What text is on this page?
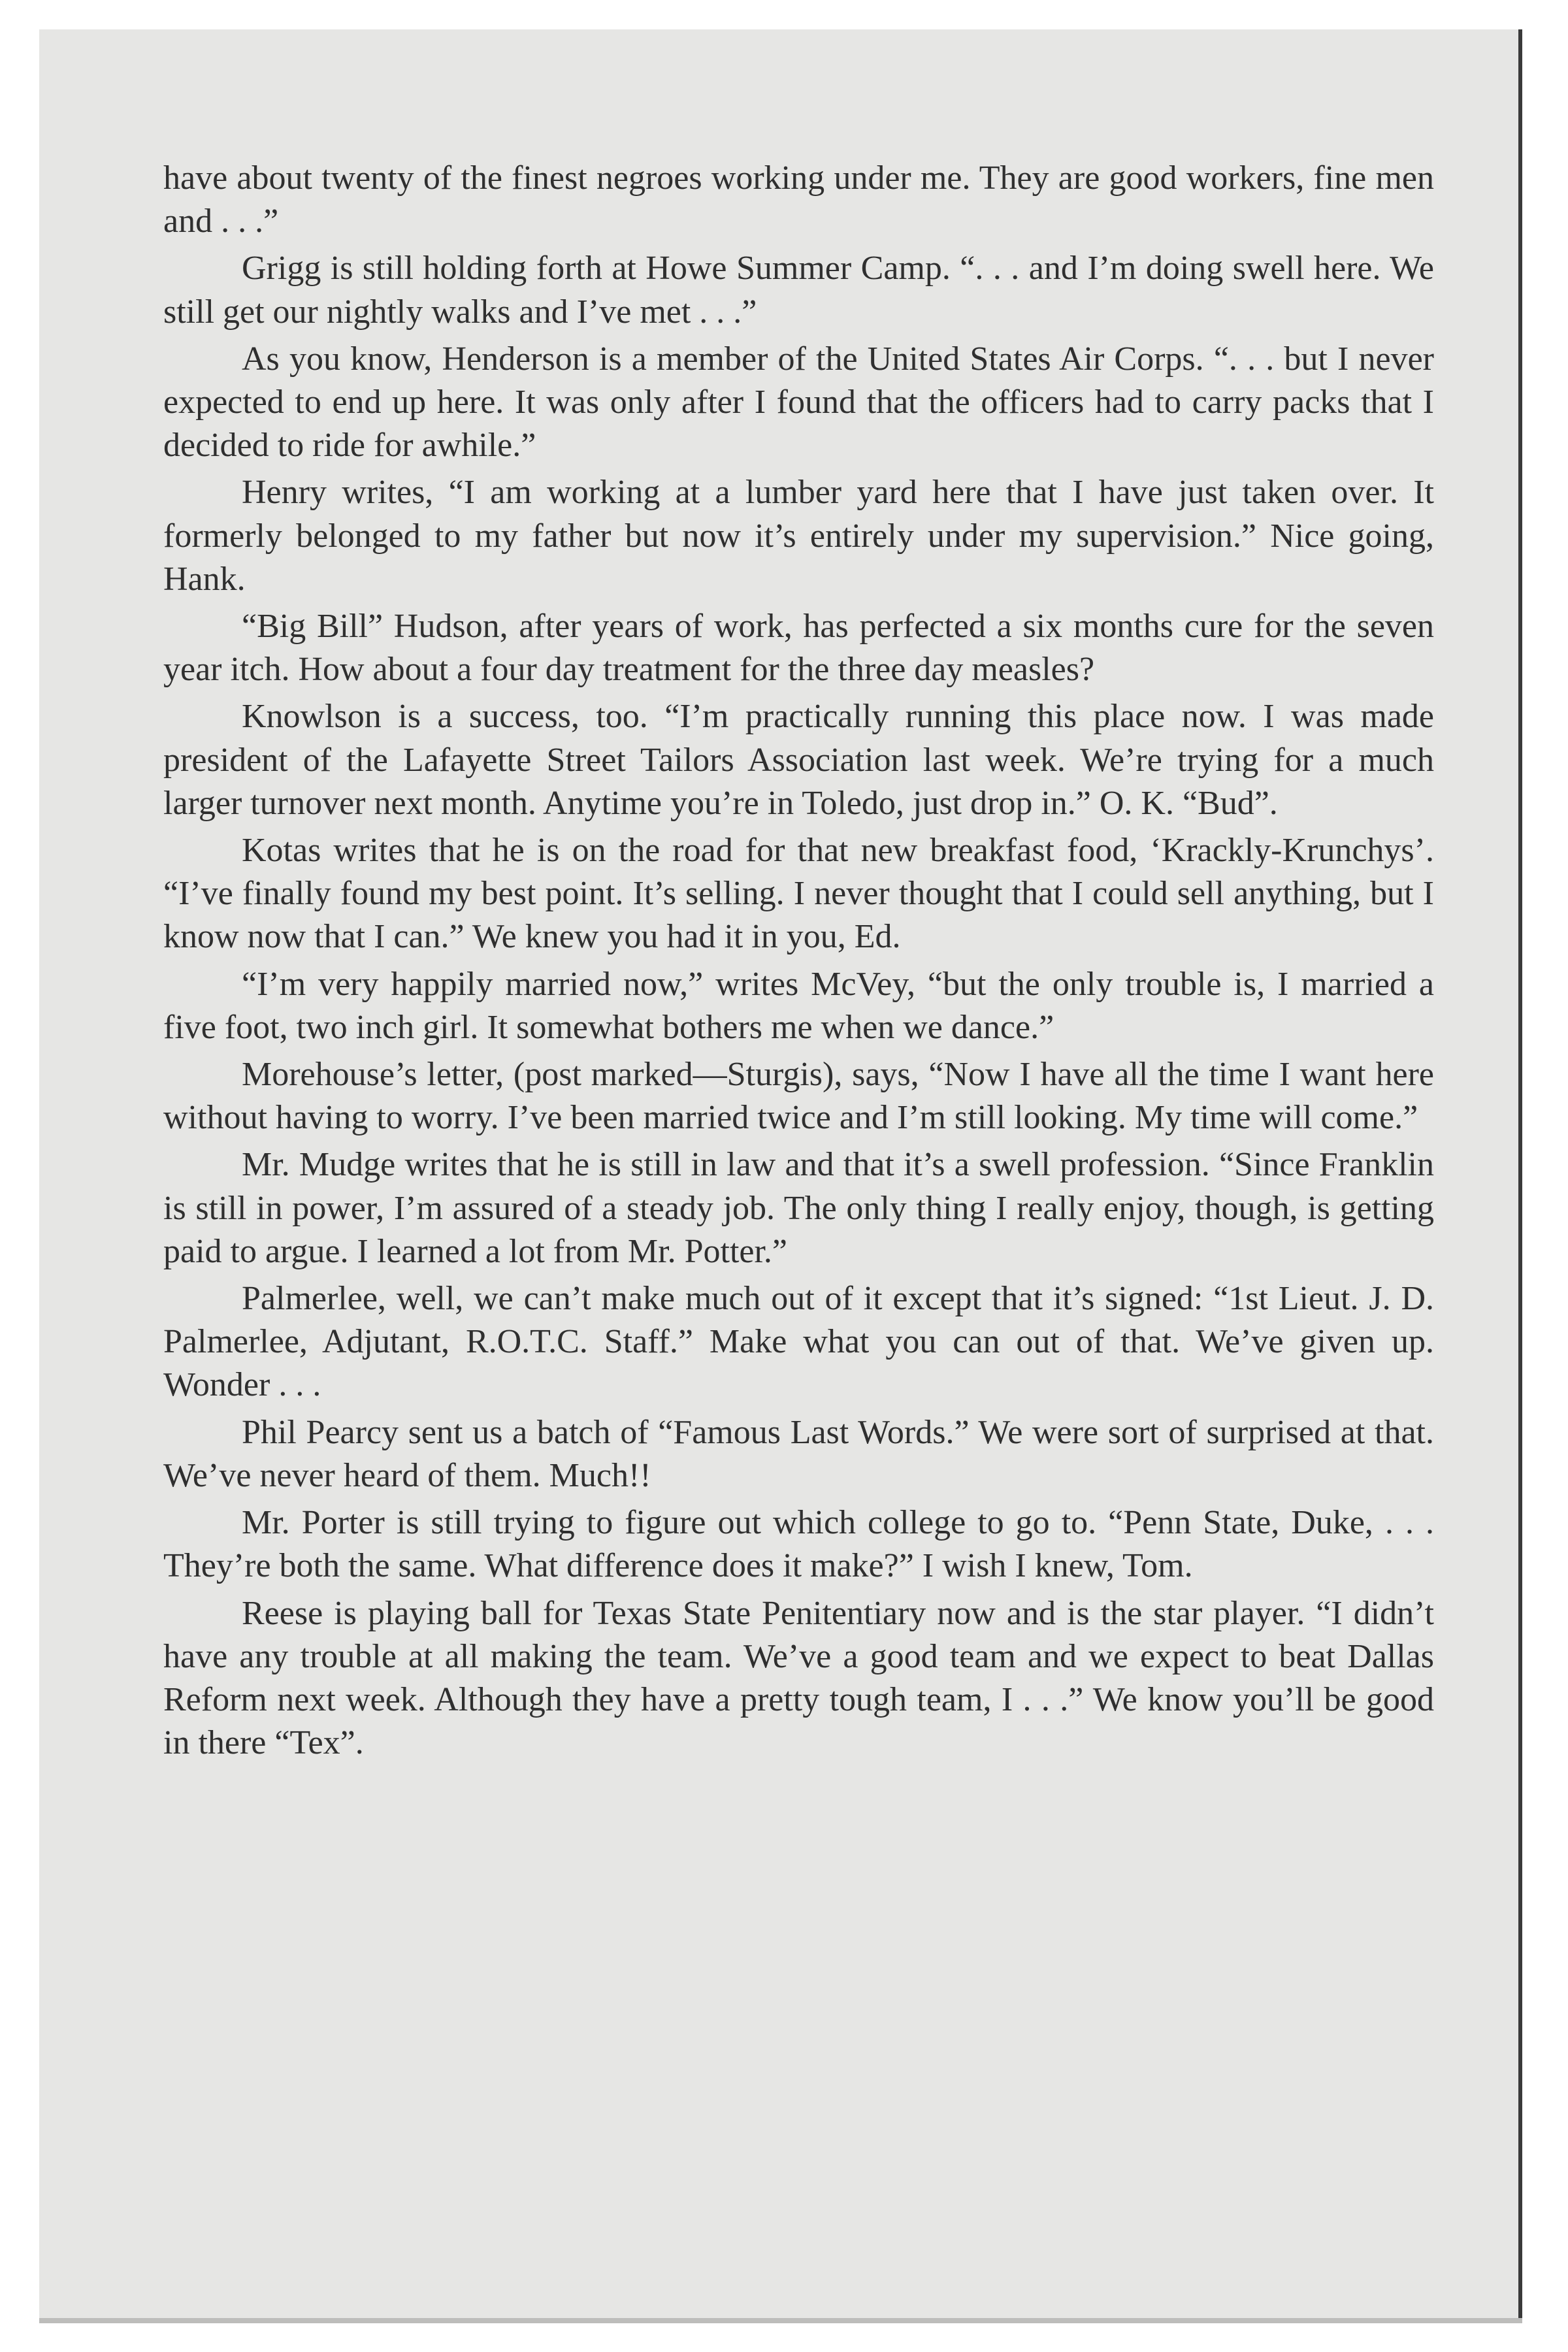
have about twenty of the finest negroes working under me. They are good workers, fine men and . . .”

Grigg is still holding forth at Howe Summer Camp. “. . . and I’m doing swell here. We still get our nightly walks and I’ve met . . .”

As you know, Henderson is a member of the United States Air Corps. “. . . but I never expected to end up here. It was only after I found that the officers had to carry packs that I decided to ride for awhile.”

Henry writes, “I am working at a lumber yard here that I have just taken over. It formerly belonged to my father but now it’s entirely under my supervision.” Nice going, Hank.

“Big Bill” Hudson, after years of work, has perfected a six months cure for the seven year itch. How about a four day treatment for the three day measles?

Knowlson is a success, too. “I’m practically running this place now. I was made president of the Lafayette Street Tailors Association last week. We’re trying for a much larger turnover next month. Anytime you’re in Toledo, just drop in.” O. K. “Bud”.

Kotas writes that he is on the road for that new breakfast food, ‘Krackly-Krunchys’. “I’ve finally found my best point. It’s selling. I never thought that I could sell anything, but I know now that I can.” We knew you had it in you, Ed.

“I’m very happily married now,” writes McVey, “but the only trouble is, I married a five foot, two inch girl. It somewhat bothers me when we dance.”

Morehouse’s letter, (post marked—Sturgis), says, “Now I have all the time I want here without having to worry. I’ve been married twice and I’m still looking. My time will come.”

Mr. Mudge writes that he is still in law and that it’s a swell profession. “Since Franklin is still in power, I’m assured of a steady job. The only thing I really enjoy, though, is getting paid to argue. I learned a lot from Mr. Potter.”

Palmerlee, well, we can’t make much out of it except that it’s signed: “1st Lieut. J. D. Palmerlee, Adjutant, R.O.T.C. Staff.” Make what you can out of that. We’ve given up. Wonder . . .

Phil Pearcy sent us a batch of “Famous Last Words.” We were sort of surprised at that. We’ve never heard of them. Much!!

Mr. Porter is still trying to figure out which college to go to. “Penn State, Duke, . . . They’re both the same. What difference does it make?” I wish I knew, Tom.

Reese is playing ball for Texas State Penitentiary now and is the star player. “I didn’t have any trouble at all making the team. We’ve a good team and we expect to beat Dallas Reform next week. Although they have a pretty tough team, I . . .” We know you’ll be good in there “Tex”.
